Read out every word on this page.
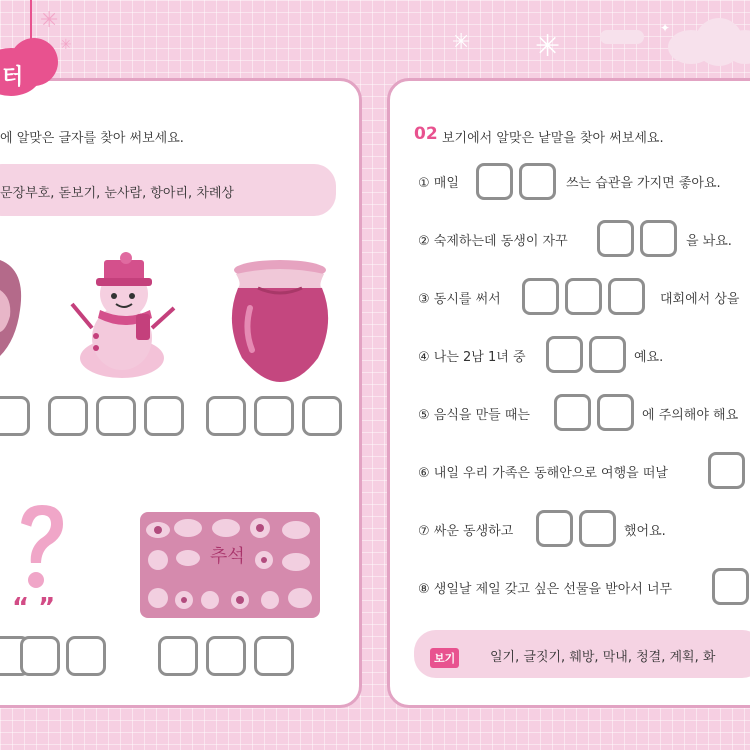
✳
✳	✳ ✳
✦
터
에 알맞은 글자를 찾아 써보세요.
문장부호, 돋보기, 눈사람, 항아리, 차례상
“ ”
추석
02 보기에서 알맞은 낱말을 찾아 써보세요.
① 매일	쓰는 습관을 가지면 좋아요.
② 숙제하는데 동생이 자꾸	을 놔요.
③ 동시를 써서	대회에서 상을
④ 나는 2남 1녀 중	예요.
⑤ 음식을 만들 때는	에 주의해야 해요
⑥ 내일 우리 가족은 동해안으로 여행을 떠날
⑦ 싸운 동생하고	했어요.
⑧ 생일날 제일 갖고 싶은 선물을 받아서 너무
보기	일기, 글짓기, 훼방, 막내, 청결, 계획, 화
